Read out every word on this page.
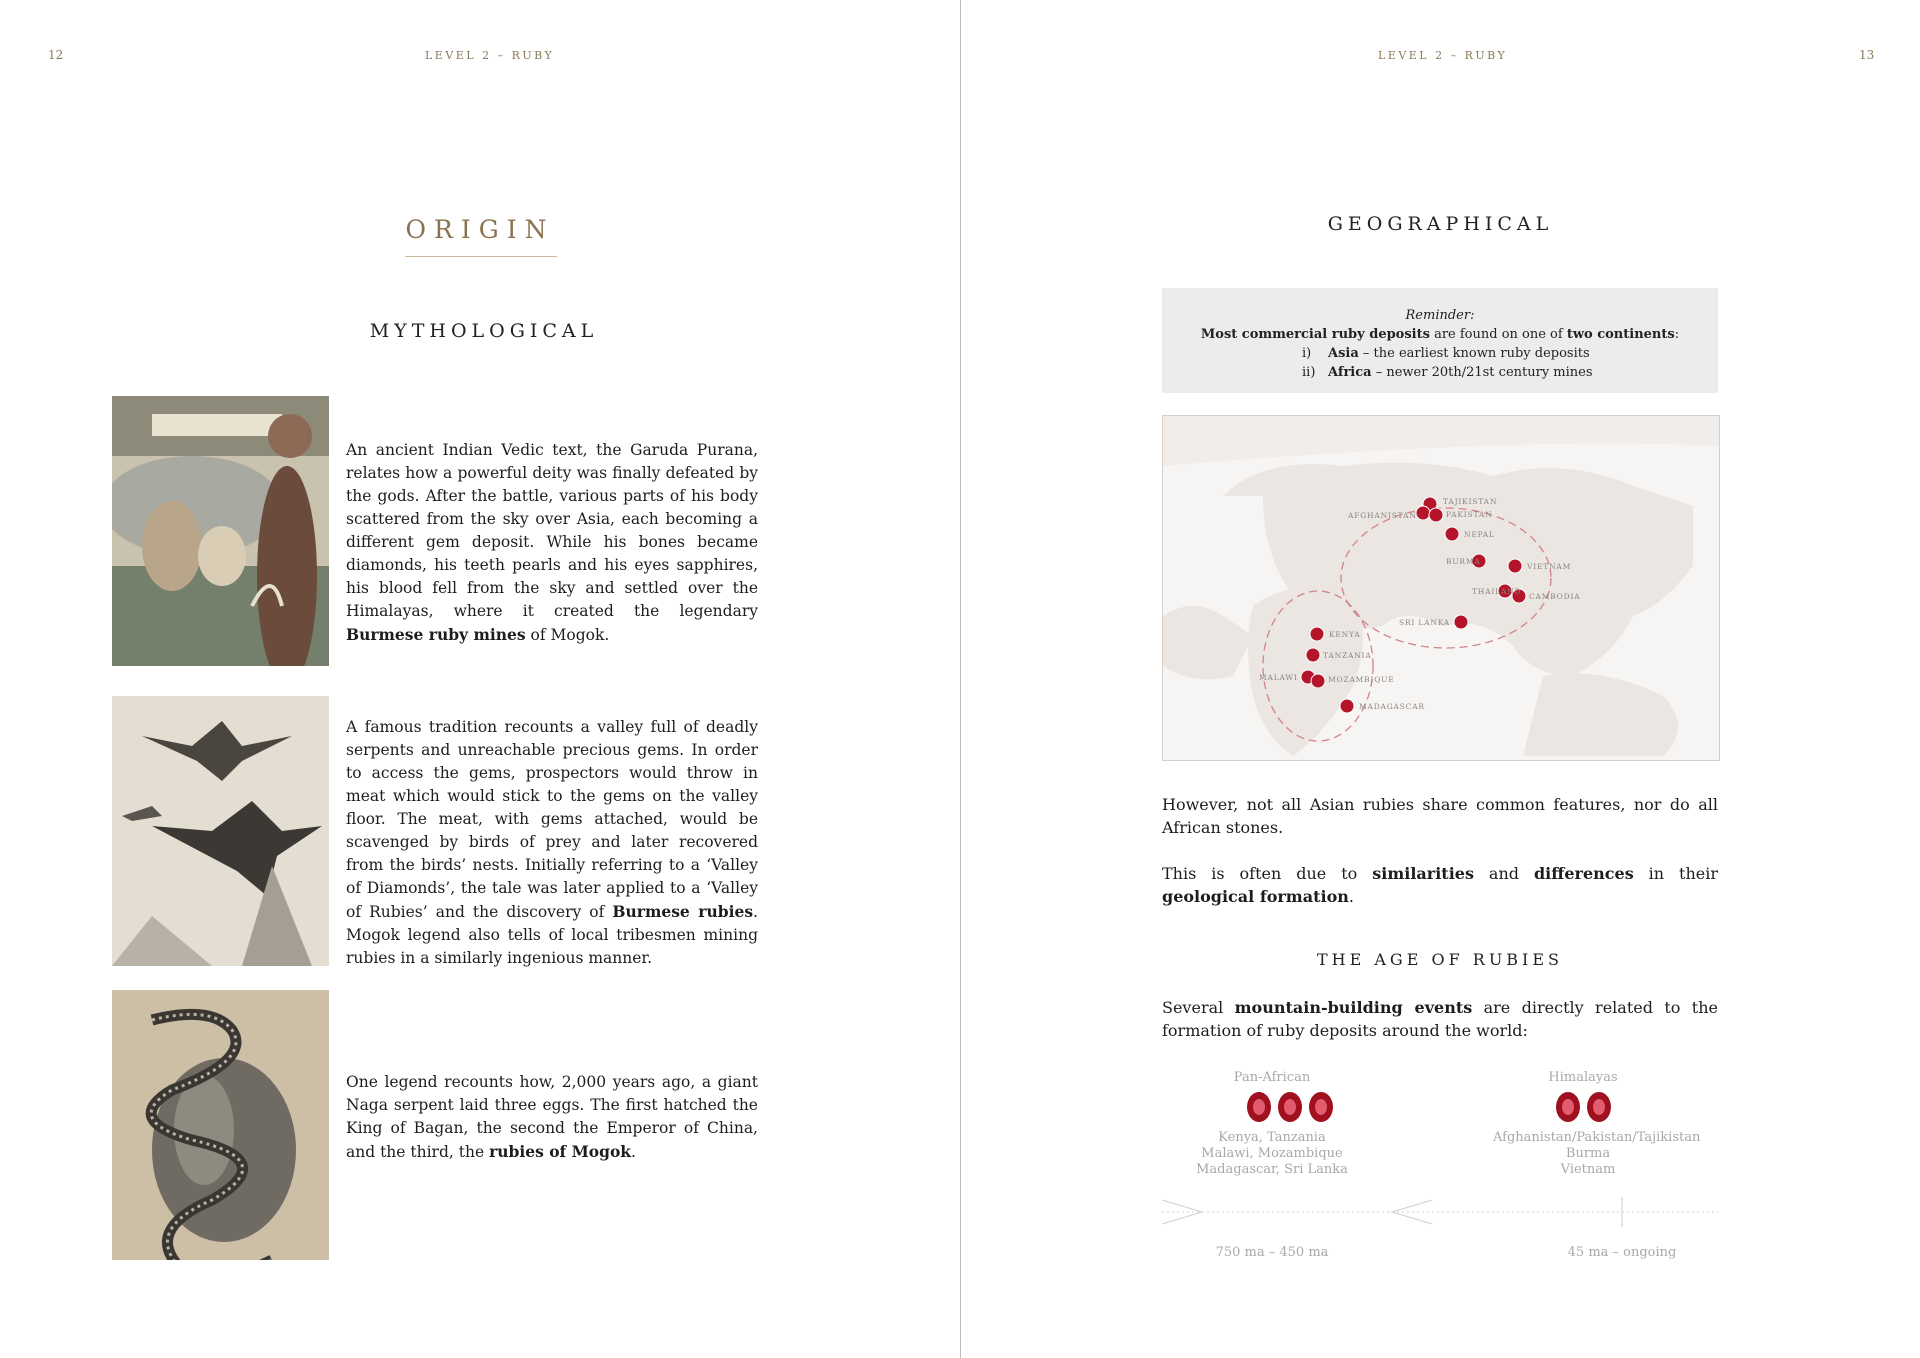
12	LEVEL 2 – RUBY
ORIGIN
MYTHOLOGICAL
An ancient Indian Vedic text, the Garuda Purana, relates how a powerful deity was finally defeated by the gods. After the battle, various parts of his body scattered from the sky over Asia, each becoming a different gem deposit. While his bones became diamonds, his teeth pearls and his eyes sapphires, his blood fell from the sky and settled over the Himalayas, where it created the legendary Burmese ruby mines of Mogok.
A famous tradition recounts a valley full of deadly serpents and unreachable precious gems. In order to access the gems, prospectors would throw in meat which would stick to the gems on the valley floor. The meat, with gems attached, would be scavenged by birds of prey and later recovered from the birds’ nests. Initially referring to a ‘Valley of Diamonds’, the tale was later applied to a ‘Valley of Rubies’ and the discovery of Burmese rubies. Mogok legend also tells of local tribesmen mining rubies in a similarly ingenious manner.
One legend recounts how, 2,000 years ago, a giant Naga serpent laid three eggs. The first hatched the King of Bagan, the second the Emperor of China, and the third, the rubies of Mogok.
LEVEL 2 – RUBY	13
GEOGRAPHICAL
Reminder:
Most commercial ruby deposits are found on one of two continents:
i) Asia – the earliest known ruby deposits
ii) Africa – newer 20th/21st century mines
AFGHANISTAN
TAJIKISTAN
PAKISTAN
NEPAL
BURMA
VIETNAM
THAILAND
CAMBODIA
SRI LANKA
KENYA
TANZANIA
MALAWI	MOZAMBIQUE
MADAGASCAR
However, not all Asian rubies share common features, nor do all African stones.
This is often due to similarities and differences in their geological formation.
THE AGE OF RUBIES
Several mountain-building events are directly related to the formation of ruby deposits around the world:
Pan-African	Himalayas
Kenya, Tanzania
Malawi, Mozambique
Madagascar, Sri Lanka
Afghanistan/Pakistan/Tajikistan
Burma
Vietnam
750 ma – 450 ma	45 ma – ongoing
